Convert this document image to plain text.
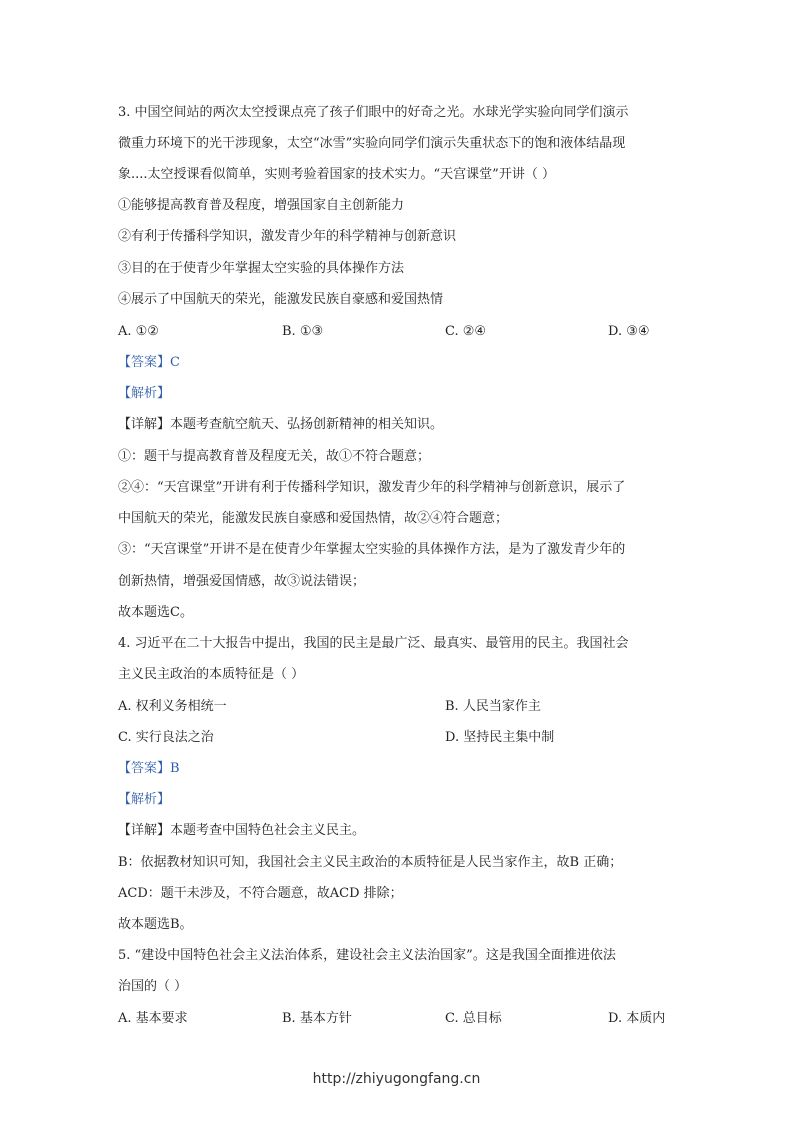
3. 中国空间站的两次太空授课点亮了孩子们眼中的好奇之光。水球光学实验向同学们演示
微重力环境下的光干涉现象，太空“冰雪”实验向同学们演示失重状态下的饱和液体结晶现
象....太空授课看似简单，实则考验着国家的技术实力。“天宫课堂”开讲（ ）
①能够提高教育普及程度，增强国家自主创新能力
②有利于传播科学知识，激发青少年的科学精神与创新意识
③目的在于使青少年掌握太空实验的具体操作方法
④展示了中国航天的荣光，能激发民族自豪感和爱国热情
A. ①②	B. ①③	C. ②④	D. ③④
【答案】C
【解析】
【详解】本题考查航空航天、弘扬创新精神的相关知识。
①：题干与提高教育普及程度无关，故①不符合题意；
②④：“天宫课堂”开讲有利于传播科学知识，激发青少年的科学精神与创新意识，展示了
中国航天的荣光，能激发民族自豪感和爱国热情，故②④符合题意；
③：“天宫课堂”开讲不是在使青少年掌握太空实验的具体操作方法，是为了激发青少年的
创新热情，增强爱国情感，故③说法错误；
故本题选C。
4. 习近平在二十大报告中提出，我国的民主是最广泛、最真实、最管用的民主。我国社会
主义民主政治的本质特征是（ ）
A. 权利义务相统一	B. 人民当家作主
C. 实行良法之治	D. 坚持民主集中制
【答案】B
【解析】
【详解】本题考查中国特色社会主义民主。
B：依据教材知识可知，我国社会主义民主政治的本质特征是人民当家作主，故B 正确；
ACD：题干未涉及，不符合题意，故ACD 排除；
故本题选B。
5. “建设中国特色社会主义法治体系，建设社会主义法治国家”。这是我国全面推进依法
治国的（ ）
A. 基本要求	B. 基本方针	C. 总目标	D. 本质内
http://zhiyugongfang.cn
